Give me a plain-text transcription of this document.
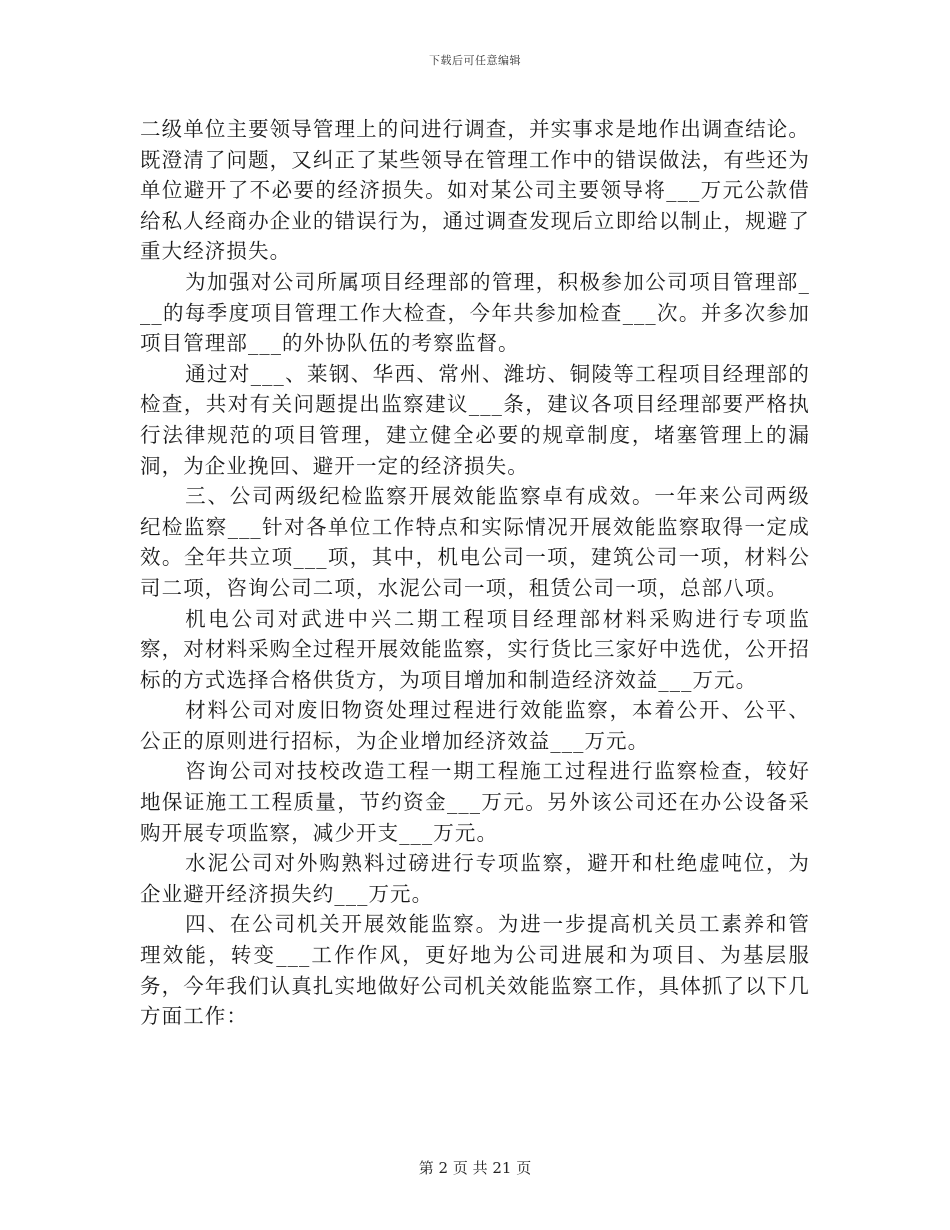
下载后可任意编辑

二级单位主要领导管理上的问进行调查，并实事求是地作出调查结论。既澄清了问题，又纠正了某些领导在管理工作中的错误做法，有些还为单位避开了不必要的经济损失。如对某公司主要领导将___万元公款借给私人经商办企业的错误行为，通过调查发现后立即给以制止，规避了重大经济损失。

为加强对公司所属项目经理部的管理，积极参加公司项目管理部___的每季度项目管理工作大检查，今年共参加检查___次。并多次参加项目管理部___的外协队伍的考察监督。

通过对___、莱钢、华西、常州、潍坊、铜陵等工程项目经理部的检查，共对有关问题提出监察建议___条，建议各项目经理部要严格执行法律规范的项目管理，建立健全必要的规章制度，堵塞管理上的漏洞，为企业挽回、避开一定的经济损失。

三、公司两级纪检监察开展效能监察卓有成效。一年来公司两级纪检监察___针对各单位工作特点和实际情况开展效能监察取得一定成效。全年共立项___项，其中，机电公司一项，建筑公司一项，材料公司二项，咨询公司二项，水泥公司一项，租赁公司一项，总部八项。

机电公司对武进中兴二期工程项目经理部材料采购进行专项监察，对材料采购全过程开展效能监察，实行货比三家好中选优，公开招标的方式选择合格供货方，为项目增加和制造经济效益___万元。

材料公司对废旧物资处理过程进行效能监察，本着公开、公平、公正的原则进行招标，为企业增加经济效益___万元。

咨询公司对技校改造工程一期工程施工过程进行监察检查，较好地保证施工工程质量，节约资金___万元。另外该公司还在办公设备采购开展专项监察，减少开支___万元。

水泥公司对外购熟料过磅进行专项监察，避开和杜绝虚吨位，为企业避开经济损失约___万元。

四、在公司机关开展效能监察。为进一步提高机关员工素养和管理效能，转变___工作作风，更好地为公司进展和为项目、为基层服务，今年我们认真扎实地做好公司机关效能监察工作，具体抓了以下几方面工作：

第 2 页 共 21 页
